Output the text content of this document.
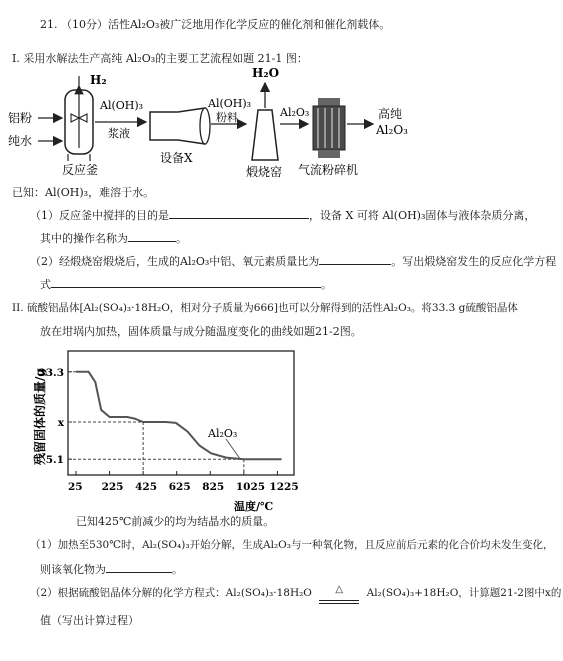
21. （10分）活性Al₂O₃被广泛地用作化学反应的催化剂和催化剂载体。
I. 采用水解法生产高纯 Al₂O₃的主要工艺流程如题 21-1 图：
铝粉
纯水
H₂
反应釜
Al(OH)₃
浆液
设备X
Al(OH)₃
粉料
H₂O
煅烧窑
Al₂O₃
气流粉碎机
高纯
Al₂O₃
已知：Al(OH)₃，难溶于水。
（1）反应釜中搅拌的目的是	，设备 X 可将 Al(OH)₃固体与液体杂质分离，
其中的操作名称为	。
（2）经煅烧窑煅烧后，生成的Al₂O₃中铝、氧元素质量比为	。写出煅烧窑发生的反应化学方程
式	。
II. 硫酸铝晶体[Al₂(SO₄)₃·18H₂O，相对分子质量为666]也可以分解得到的活性Al₂O₃。将33.3 g硫酸铝晶体
放在坩埚内加热，固体质量与成分随温度变化的曲线如题21-2图。
残留固体的质量/g
温度/℃
25 225 425 625 825 1025 1225
33.3
x
5.1
Al₂O₃
已知425℃前减少的均为结晶水的质量。
（1）加热至530℃时，Al₂(SO₄)₃开始分解，生成Al₂O₃与一种氧化物，且反应前后元素的化合价均未发生变化，
则该氧化物为	。
（2）根据硫酸铝晶体分解的化学方程式：Al₂(SO₄)₃·18H₂O △ Al₂(SO₄)₃+18H₂O，计算题21-2图中x的
值（写出计算过程）
